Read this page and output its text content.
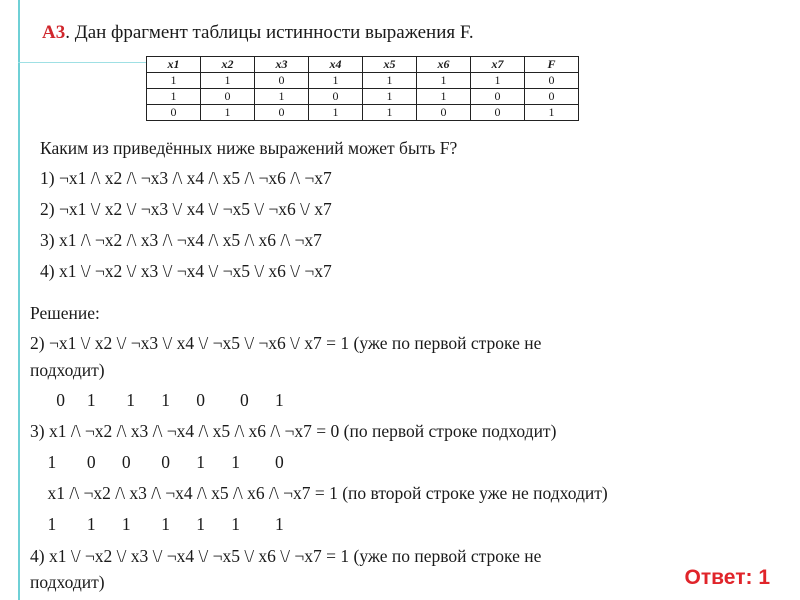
А3. Дан фрагмент таблицы истинности выражения F.
x1	x2	x3	x4	x5	x6	x7	F
1	1	0	1	1	1	1	0
1	0	1	0	1	1	0	0
0	1	0	1	1	0	0	1
Каким из приведённых ниже выражений может быть F?
1) ¬x1 /\ x2 /\ ¬x3 /\ x4 /\ x5 /\ ¬x6 /\ ¬x7
2) ¬x1 \/ x2 \/ ¬x3 \/ x4 \/ ¬x5 \/ ¬x6 \/ x7
3) x1 /\ ¬x2 /\ x3 /\ ¬x4 /\ x5 /\ x6 /\ ¬x7
4) x1 \/ ¬x2 \/ x3 \/ ¬x4 \/ ¬x5 \/ x6 \/ ¬x7
Решение:
2) ¬x1 \/ x2 \/ ¬x3 \/ x4 \/ ¬x5 \/ ¬x6 \/ x7 = 1 (уже по первой строке не
подходит)
0     1       1      1      0        0      1
3) x1 /\ ¬x2 /\ x3 /\ ¬x4 /\ x5 /\ x6 /\ ¬x7 = 0 (по первой строке подходит)
1       0      0       0      1      1        0
x1 /\ ¬x2 /\ x3 /\ ¬x4 /\ x5 /\ x6 /\ ¬x7 = 1 (по второй строке уже не подходит)
1       1      1       1      1      1        1
4) x1 \/ ¬x2 \/ x3 \/ ¬x4 \/ ¬x5 \/ x6 \/ ¬x7 = 1 (уже по первой строке не
подходит)	Ответ: 1
